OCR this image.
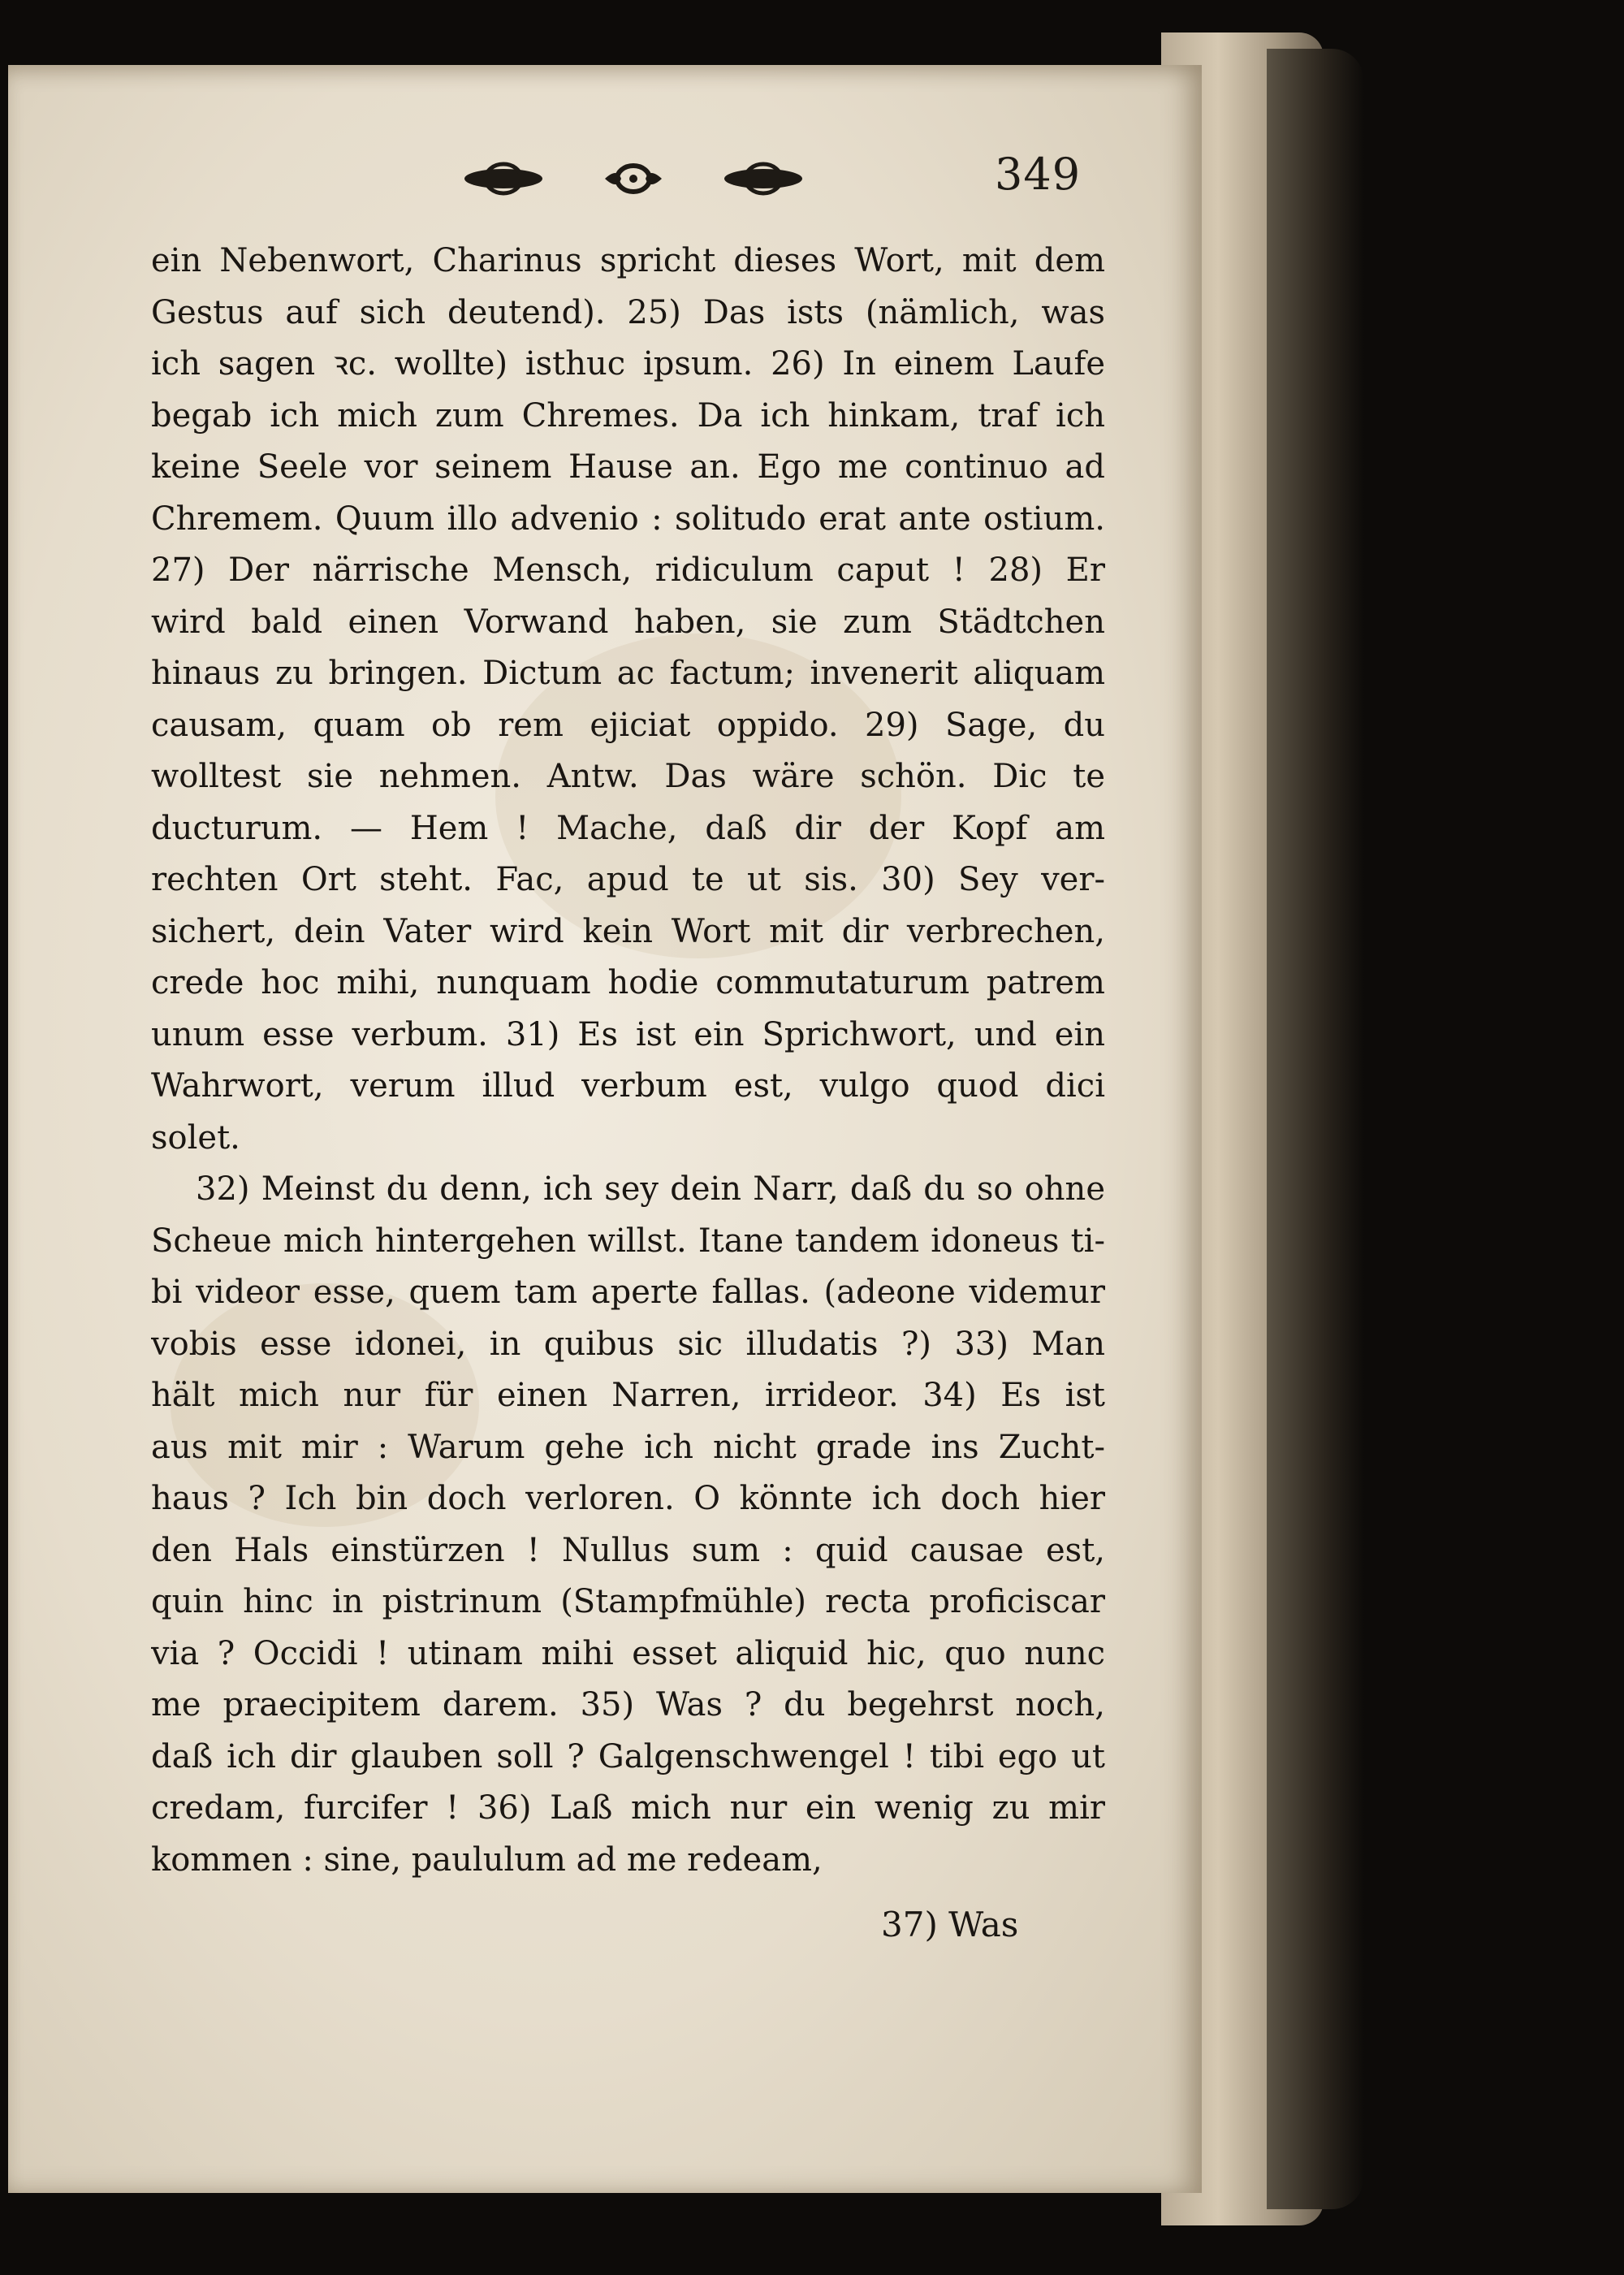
349
ein Nebenwort, Charinus spricht dieses Wort, mit dem
Gestus auf sich deutend). 25) Das ists (nämlich, was
ich sagen ꝛc. wollte) isthuc ipsum. 26) In einem Laufe
begab ich mich zum Chremes. Da ich hinkam, traf ich
keine Seele vor seinem Hause an. Ego me continuo ad
Chremem. Quum illo advenio : solitudo erat ante ostium.
27) Der närrische Mensch, ridiculum caput ! 28) Er
wird bald einen Vorwand haben, sie zum Städtchen
hinaus zu bringen. Dictum ac factum; invenerit aliquam
causam, quam ob rem ejiciat oppido. 29) Sage, du
wolltest sie nehmen. Antw. Das wäre schön. Dic te
ducturum. — Hem ! Mache, daß dir der Kopf am
rechten Ort steht. Fac, apud te ut sis. 30) Sey ver-
sichert, dein Vater wird kein Wort mit dir verbrechen,
crede hoc mihi, nunquam hodie commutaturum patrem
unum esse verbum. 31) Es ist ein Sprichwort, und ein
Wahrwort, verum illud verbum est, vulgo quod dici
solet.
32) Meinst du denn, ich sey dein Narr, daß du so ohne
Scheue mich hintergehen willst. Itane tandem idoneus ti-
bi videor esse, quem tam aperte fallas. (adeone videmur
vobis esse idonei, in quibus sic illudatis ?) 33) Man
hält mich nur für einen Narren, irrideor. 34) Es ist
aus mit mir : Warum gehe ich nicht grade ins Zucht-
haus ? Ich bin doch verloren. O könnte ich doch hier
den Hals einstürzen ! Nullus sum : quid causae est,
quin hinc in pistrinum (Stampfmühle) recta proficiscar
via ? Occidi ! utinam mihi esset aliquid hic, quo nunc
me praecipitem darem. 35) Was ? du begehrst noch,
daß ich dir glauben soll ? Galgenschwengel ! tibi ego ut
credam, furcifer ! 36) Laß mich nur ein wenig zu mir
kommen : sine, paululum ad me redeam,
37) Was
